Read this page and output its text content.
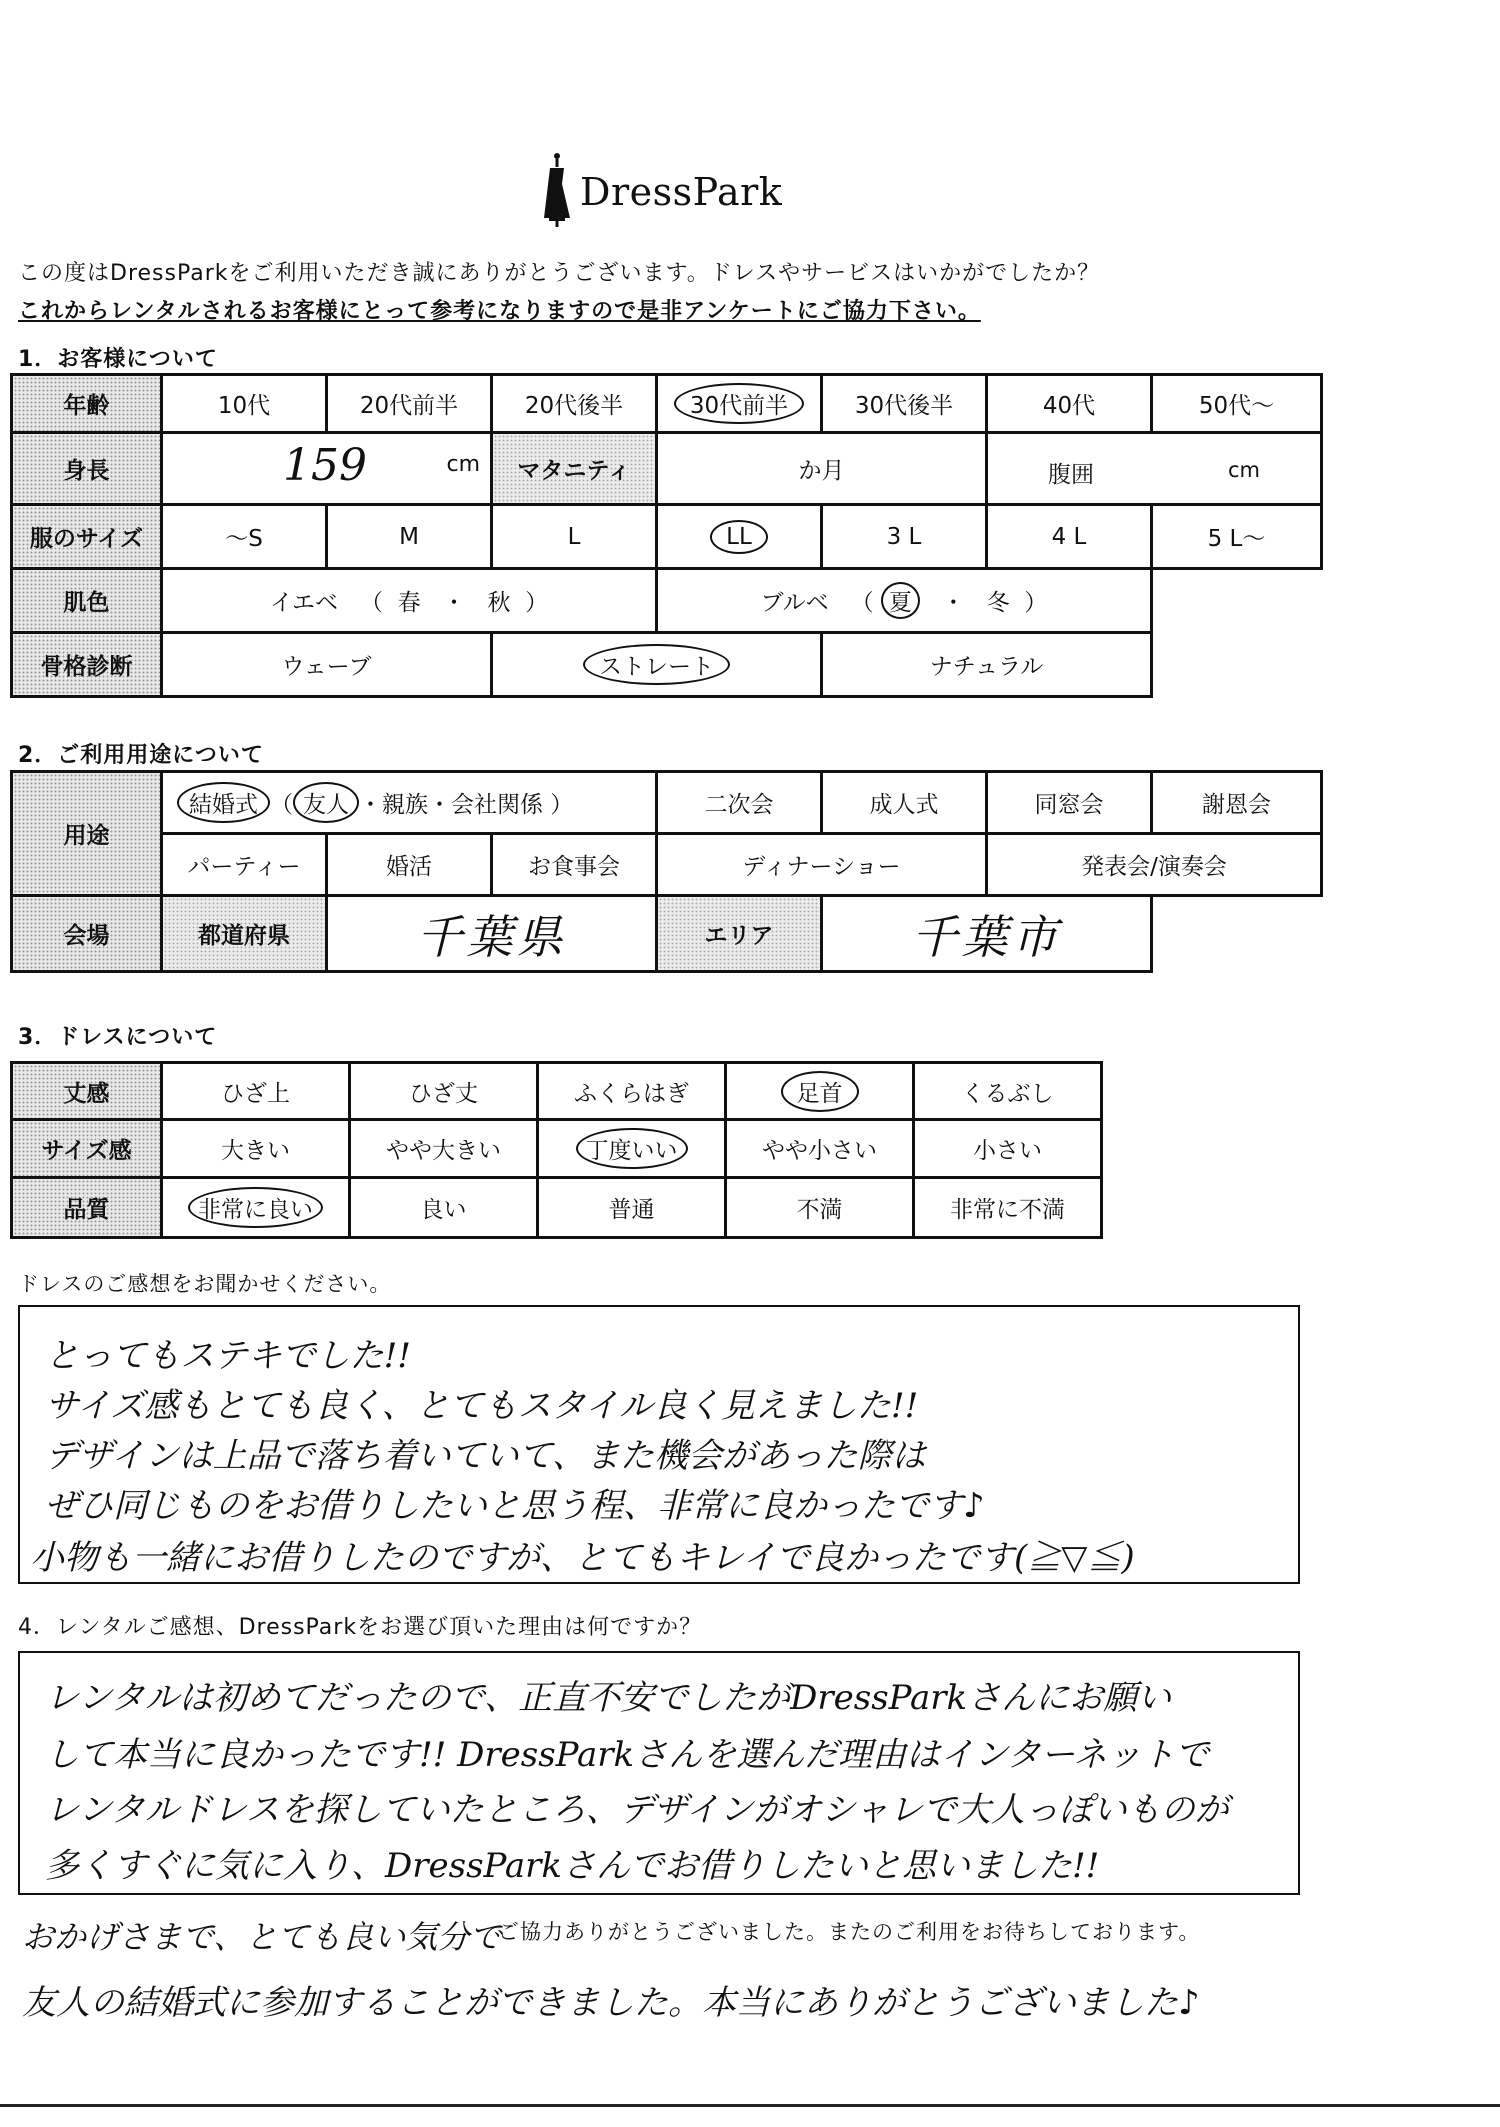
DressPark
この度はDressParkをご利用いただき誠にありがとうございます。ドレスやサービスはいかがでしたか？
これからレンタルされるお客様にとって参考になりますので是非アンケートにご協力下さい。
1．お客様について
年齢	10代	20代前半	20代後半	30代前半	30代後半	40代	50代～
身長	159 cm		マタニティ	か月		腹囲 cm	

服のサイズ	～S	M	L	LL	3 L	4 L	5 L～
肌色	イエベ （ 春 ・ 秋 ）			ブルベ （ 夏 ・ 冬 ）			
骨格診断	ウェーブ		ストレート		ナチュラル		
2．ご利用用途について
用途	結婚式 （ 友人 ・親族・会社関係 ）			二次会	成人式	同窓会	謝恩会
	パーティー	婚活	お食事会	ディナーショー		発表会/演奏会	
会場	都道府県	千葉県		エリア	千葉市		
3．ドレスについて
丈感	ひざ上	ひざ丈	ふくらはぎ	足首	くるぶし
サイズ感	大きい	やや大きい	丁度いい	やや小さい	小さい
品質	非常に良い	良い	普通	不満	非常に不満
ドレスのご感想をお聞かせください。
とってもステキでした!!
サイズ感もとても良く、とてもスタイル良く見えました!!
デザインは上品で落ち着いていて、また機会があった際は
ぜひ同じものをお借りしたいと思う程、非常に良かったです♪
小物も一緒にお借りしたのですが、とてもキレイで良かったです(≧▽≦)
4．レンタルご感想、DressParkをお選び頂いた理由は何ですか？
レンタルは初めてだったので、正直不安でしたがDressParkさんにお願い
して本当に良かったです!! DressParkさんを選んだ理由はインターネットで
レンタルドレスを探していたところ、デザインがオシャレで大人っぽいものが
多くすぐに気に入り、DressParkさんでお借りしたいと思いました!!
おかげさまで、とても良い気分で
ご協力ありがとうございました。またのご利用をお待ちしております。
友人の結婚式に参加することができました。本当にありがとうございました♪
